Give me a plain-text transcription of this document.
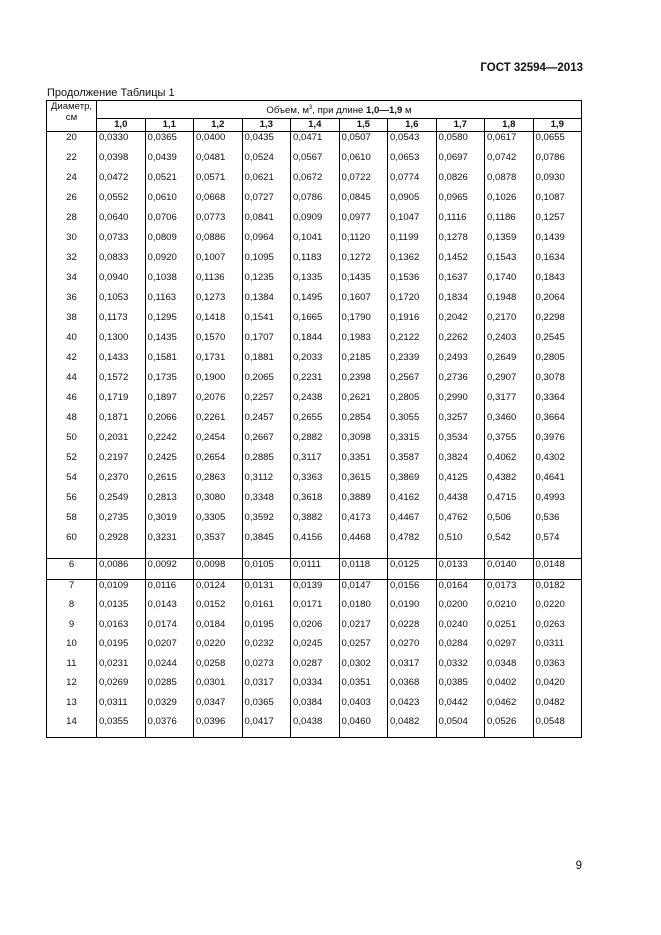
ГОСТ 32594—2013
Продолжение Таблицы 1
Диаметр,
см	Объем, $м^3$, при длине 1,0—1,9 м									
	1,0	1,1	1,2	1,3	1,4	1,5	1,6	1,7	1,8	1,9
20	0,0330	0,0365	0,0400	0,0435	0,0471	0,0507	0,0543	0,0580	0,0617	0,0655
22	0,0398	0,0439	0,0481	0,0524	0,0567	0,0610	0,0653	0,0697	0,0742	0,0786
24	0,0472	0,0521	0,0571	0,0621	0,0672	0,0722	0,0774	0,0826	0,0878	0,0930
26	0,0552	0,0610	0,0668	0,0727	0,0786	0,0845	0,0905	0,0965	0,1026	0,1087
28	0,0640	0,0706	0,0773	0,0841	0,0909	0,0977	0,1047	0,1116	0,1186	0,1257
30	0,0733	0,0809	0,0886	0,0964	0,1041	0,1120	0,1199	0,1278	0,1359	0,1439
32	0,0833	0,0920	0,1007	0,1095	0,1183	0,1272	0,1362	0,1452	0,1543	0,1634
34	0,0940	0,1038	0,1136	0,1235	0,1335	0,1435	0,1536	0,1637	0,1740	0,1843
36	0,1053	0,1163	0,1273	0,1384	0,1495	0,1607	0,1720	0,1834	0,1948	0,2064
38	0,1173	0,1295	0,1418	0,1541	0,1665	0,1790	0,1916	0,2042	0,2170	0,2298
40	0,1300	0,1435	0,1570	0,1707	0,1844	0,1983	0,2122	0,2262	0,2403	0,2545
42	0,1433	0,1581	0,1731	0,1881	0,2033	0,2185	0,2339	0,2493	0,2649	0,2805
44	0,1572	0,1735	0,1900	0,2065	0,2231	0,2398	0,2567	0,2736	0,2907	0,3078
46	0,1719	0,1897	0,2076	0,2257	0,2438	0,2621	0,2805	0,2990	0,3177	0,3364
48	0,1871	0,2066	0,2261	0,2457	0,2655	0,2854	0,3055	0,3257	0,3460	0,3664
50	0,2031	0,2242	0,2454	0,2667	0,2882	0,3098	0,3315	0,3534	0,3755	0,3976
52	0,2197	0,2425	0,2654	0,2885	0,3117	0,3351	0,3587	0,3824	0,4062	0,4302
54	0,2370	0,2615	0,2863	0,3112	0,3363	0,3615	0,3869	0,4125	0,4382	0,4641
56	0,2549	0,2813	0,3080	0,3348	0,3618	0,3889	0,4162	0,4438	0,4715	0,4993
58	0,2735	0,3019	0,3305	0,3592	0,3882	0,4173	0,4467	0,4762	0,506	0,536
60	0,2928	0,3231	0,3537	0,3845	0,4156	0,4468	0,4782	0,510	0,542	0,574

6	0,0086	0,0092	0,0098	0,0105	0,0111	0,0118	0,0125	0,0133	0,0140	0,0148
7	0,0109	0,0116	0,0124	0,0131	0,0139	0,0147	0,0156	0,0164	0,0173	0,0182
8	0,0135	0,0143	0,0152	0,0161	0,0171	0,0180	0,0190	0,0200	0,0210	0,0220
9	0,0163	0,0174	0,0184	0,0195	0,0206	0,0217	0,0228	0,0240	0,0251	0,0263
10	0,0195	0,0207	0,0220	0,0232	0,0245	0,0257	0,0270	0,0284	0,0297	0,0311
11	0,0231	0,0244	0,0258	0,0273	0,0287	0,0302	0,0317	0,0332	0,0348	0,0363
12	0,0269	0,0285	0,0301	0,0317	0,0334	0,0351	0,0368	0,0385	0,0402	0,0420
13	0,0311	0,0329	0,0347	0,0365	0,0384	0,0403	0,0423	0,0442	0,0462	0,0482
14	0,0355	0,0376	0,0396	0,0417	0,0438	0,0460	0,0482	0,0504	0,0526	0,0548
9
